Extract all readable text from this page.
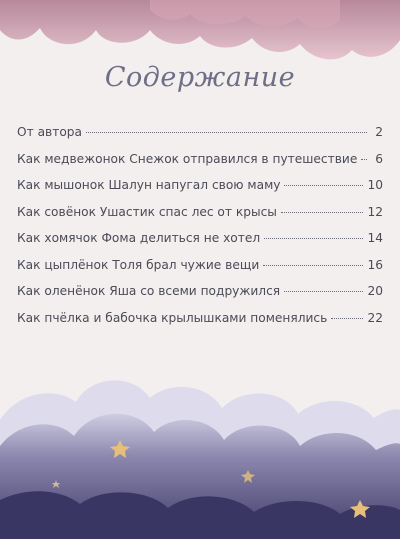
Содержание
От автора	2
Как медвежонок Снежок отправился в путешествие	6
Как мышонок Шалун напугал свою маму	10
Как совёнок Ушастик спас лес от крысы	12
Как хомячок Фома делиться не хотел	14
Как цыплёнок Толя брал чужие вещи	16
Как оленёнок Яша со всеми подружился	20
Как пчёлка и бабочка крылышками поменялись	22
